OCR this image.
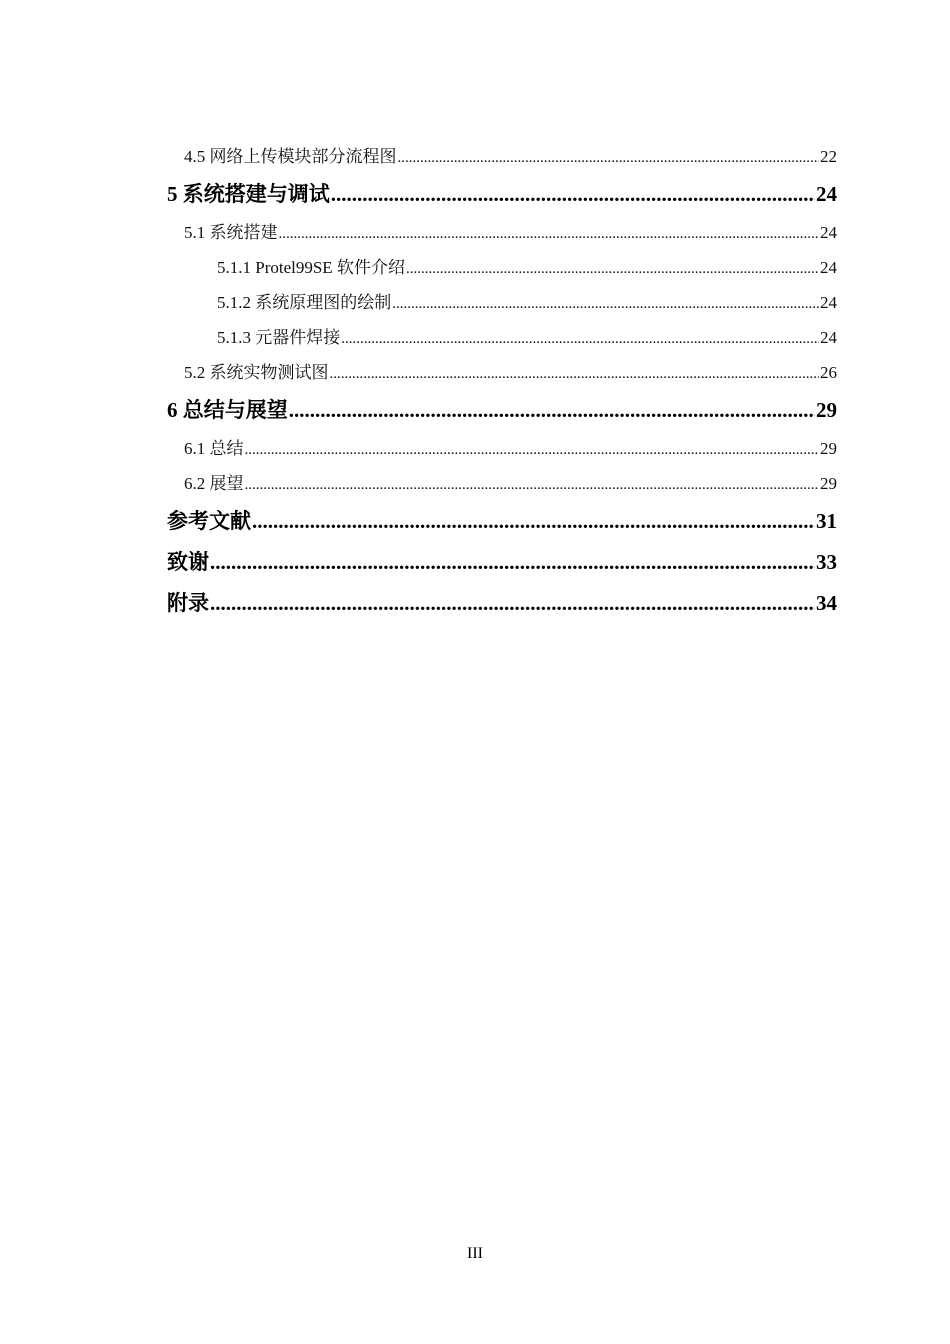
4.5 网络上传模块部分流程图 .....	22
5 系统搭建与调试 .....	24
5.1 系统搭建 .....	24
5.1.1 Protel99SE 软件介绍 .....	24
5.1.2 系统原理图的绘制 .....	24
5.1.3 元器件焊接 .....	24
5.2 系统实物测试图 .....	26
6 总结与展望 .....	29
6.1 总结 .....	29
6.2 展望 .....	29
参考文献 .....	31
致谢 .....	33
附录 .....	34
III
